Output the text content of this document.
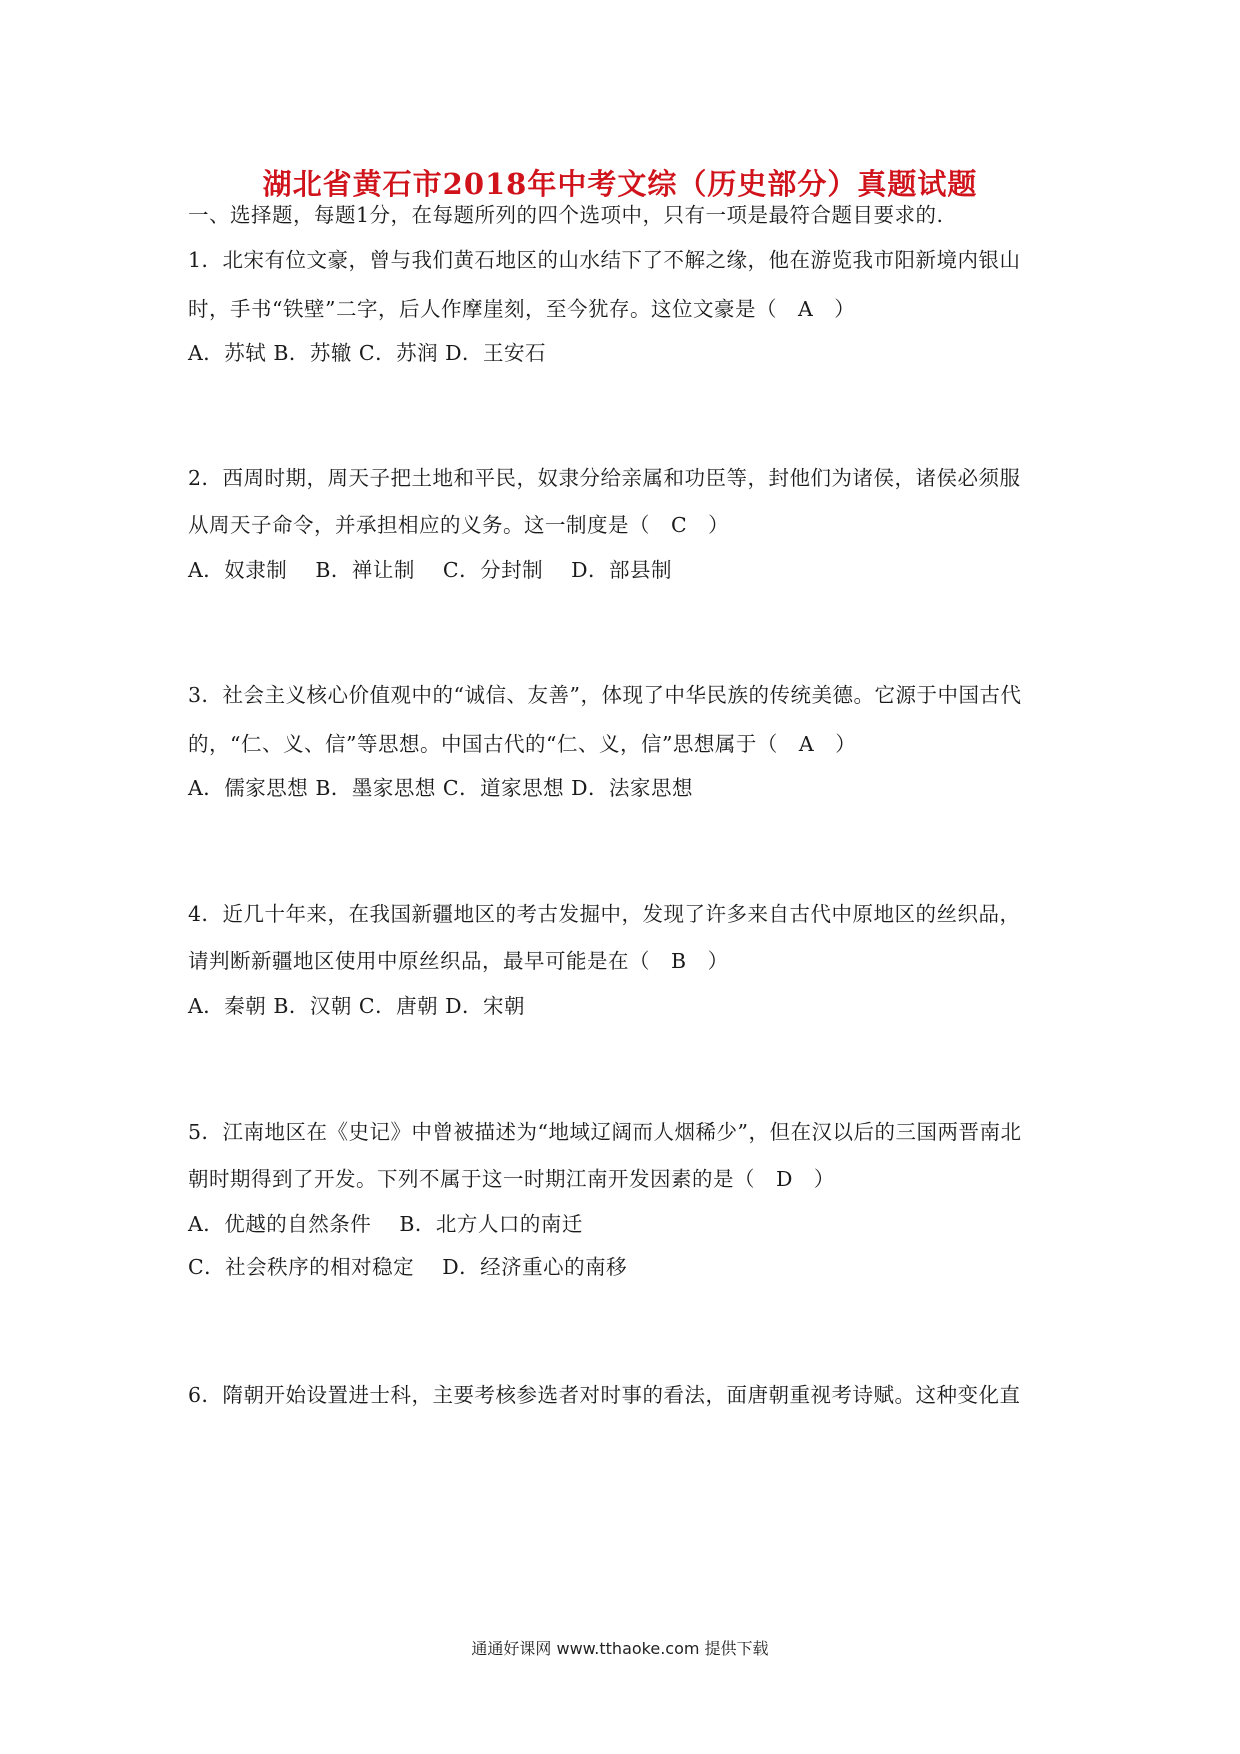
湖北省黄石市2018年中考文综（历史部分）真题试题
一、选择题，每题1分，在每题所列的四个选项中，只有一项是最符合题目要求的.
1．北宋有位文豪，曾与我们黄石地区的山水结下了不解之缘，他在游览我市阳新境内银山
时，手书“铁壁”二字，后人作摩崖刻，至今犹存。这位文豪是（　A　）
A．苏轼 B．苏辙 C．苏润 D．王安石
2．西周时期，周天子把土地和平民，奴隶分给亲属和功臣等，封他们为诸侯，诸侯必须服
从周天子命令，并承担相应的义务。这一制度是（　C　）
A．奴隶制　 B．禅让制　 C．分封制　 D．部县制
3．社会主义核心价值观中的“诚信、友善”，体现了中华民族的传统美德。它源于中国古代
的，“仁、义、信”等思想。中国古代的“仁、义，信”思想属于（　A　）
A．儒家思想 B．墨家思想 C．道家思想 D．法家思想
4．近几十年来，在我国新疆地区的考古发掘中，发现了许多来自古代中原地区的丝织品，
请判断新疆地区使用中原丝织品，最早可能是在（　B　）
A．秦朝 B．汉朝 C．唐朝 D．宋朝
5．江南地区在《史记》中曾被描述为“地域辽阔而人烟稀少”，但在汉以后的三国两晋南北
朝时期得到了开发。下列不属于这一时期江南开发因素的是（　D　）
A．优越的自然条件　 B．北方人口的南迁
C．社会秩序的相对稳定　 D．经济重心的南移
6．隋朝开始设置进士科，主要考核参选者对时事的看法，面唐朝重视考诗赋。这种变化直
通通好课网 www.tthaoke.com 提供下载
